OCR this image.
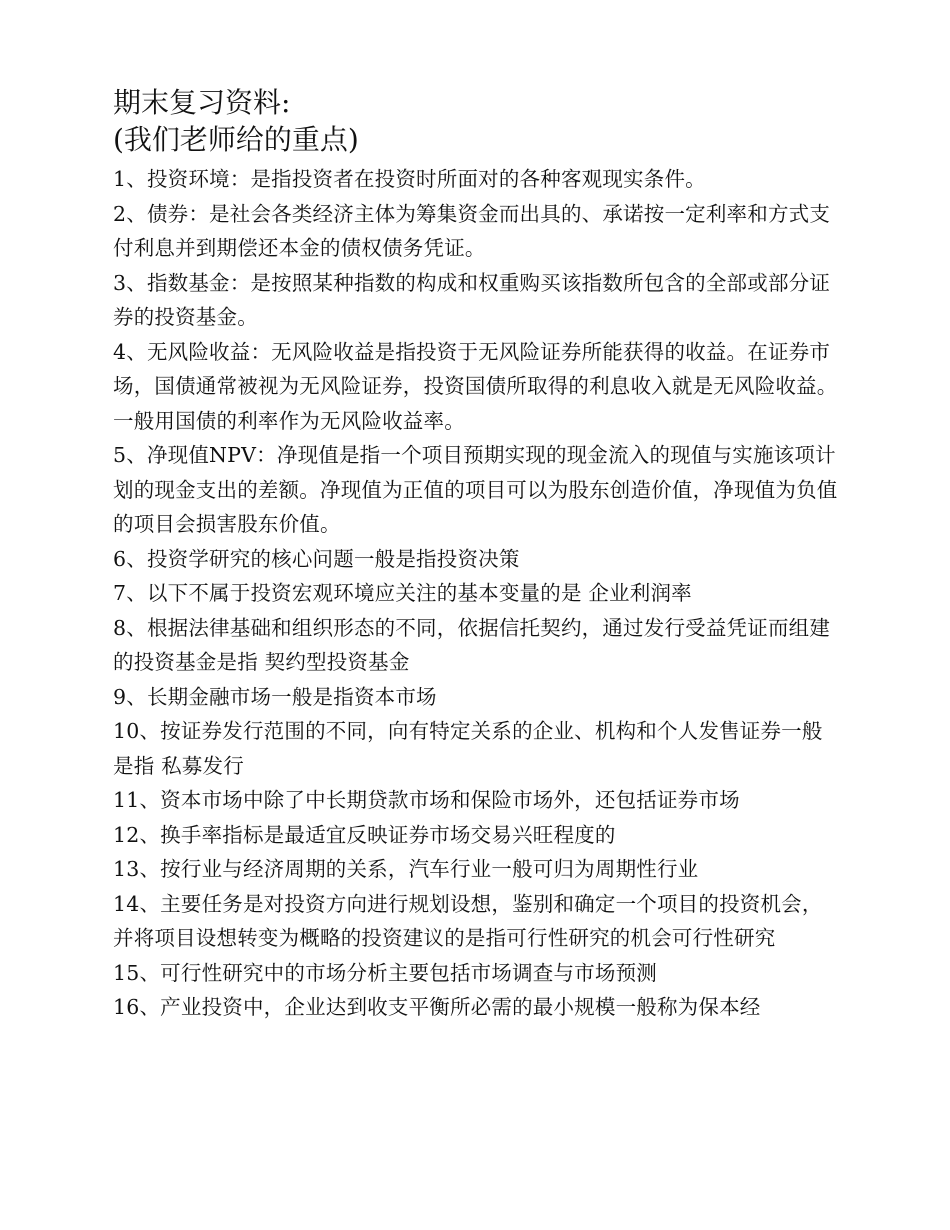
期末复习资料:
(我们老师给的重点)
1、投资环境：是指投资者在投资时所面对的各种客观现实条件。
2、债券：是社会各类经济主体为筹集资金而出具的、承诺按一定利率和方式支付利息并到期偿还本金的债权债务凭证。
3、指数基金：是按照某种指数的构成和权重购买该指数所包含的全部或部分证券的投资基金。
4、无风险收益：无风险收益是指投资于无风险证券所能获得的收益。在证券市场，国债通常被视为无风险证券，投资国债所取得的利息收入就是无风险收益。一般用国债的利率作为无风险收益率。
5、净现值NPV：净现值是指一个项目预期实现的现金流入的现值与实施该项计划的现金支出的差额。净现值为正值的项目可以为股东创造价值，净现值为负值的项目会损害股东价值。
6、投资学研究的核心问题一般是指投资决策
7、以下不属于投资宏观环境应关注的基本变量的是 企业利润率
8、根据法律基础和组织形态的不同，依据信托契约，通过发行受益凭证而组建的投资基金是指 契约型投资基金
9、长期金融市场一般是指资本市场
10、按证券发行范围的不同，向有特定关系的企业、机构和个人发售证券一般是指 私募发行
11、资本市场中除了中长期贷款市场和保险市场外，还包括证券市场
12、换手率指标是最适宜反映证券市场交易兴旺程度的
13、按行业与经济周期的关系，汽车行业一般可归为周期性行业
14、主要任务是对投资方向进行规划设想，鉴别和确定一个项目的投资机会，并将项目设想转变为概略的投资建议的是指可行性研究的机会可行性研究
15、可行性研究中的市场分析主要包括市场调查与市场预测
16、产业投资中，企业达到收支平衡所必需的最小规模一般称为保本经
